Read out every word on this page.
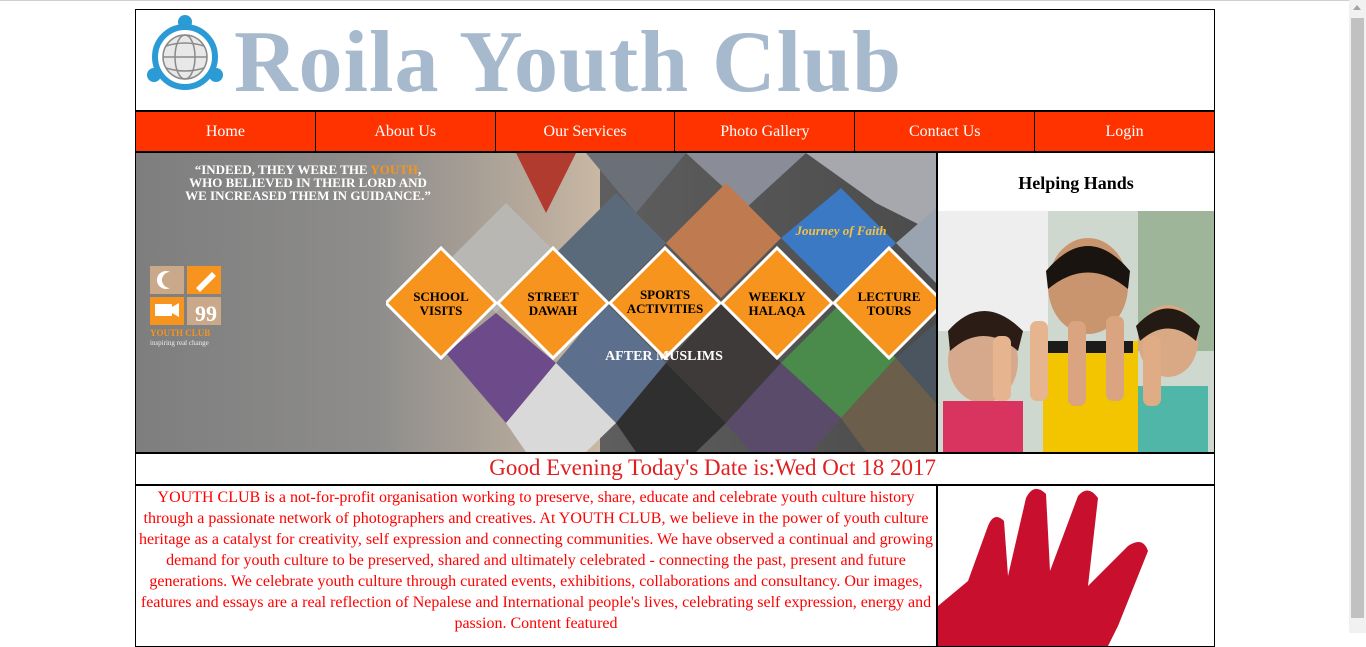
Roila Youth Club
Home	About Us	Our Services	Photo Gallery	Contact Us	Login
“INDEED, THEY WERE THE YOUTH, WHO BELIEVED IN THEIR LORD AND WE INCREASED THEM IN GUIDANCE.”
99
YOUTH CLUB
inspiring real change
SCHOOL
VISITS
STREET
DAWAH
SPORTS
ACTIVITIES
WEEKLY
HALAQA
LECTURE
TOURS
Journey of Faith
AFTER MUSLIMS
Helping Hands
Good Evening Today's Date is:Wed Oct 18 2017

YOUTH CLUB is a not-for-profit organisation working to preserve, share, educate and celebrate youth culture history through a passionate network of photographers and creatives. At YOUTH CLUB, we believe in the power of youth culture heritage as a catalyst for creativity, self expression and connecting communities. We have observed a continual and growing demand for youth culture to be preserved, shared and ultimately celebrated - connecting the past, present and future generations. We celebrate youth culture through curated events, exhibitions, collaborations and consultancy. Our images, features and essays are a real reflection of Nepalese and International people's lives, celebrating self expression, energy and passion. Content featured
